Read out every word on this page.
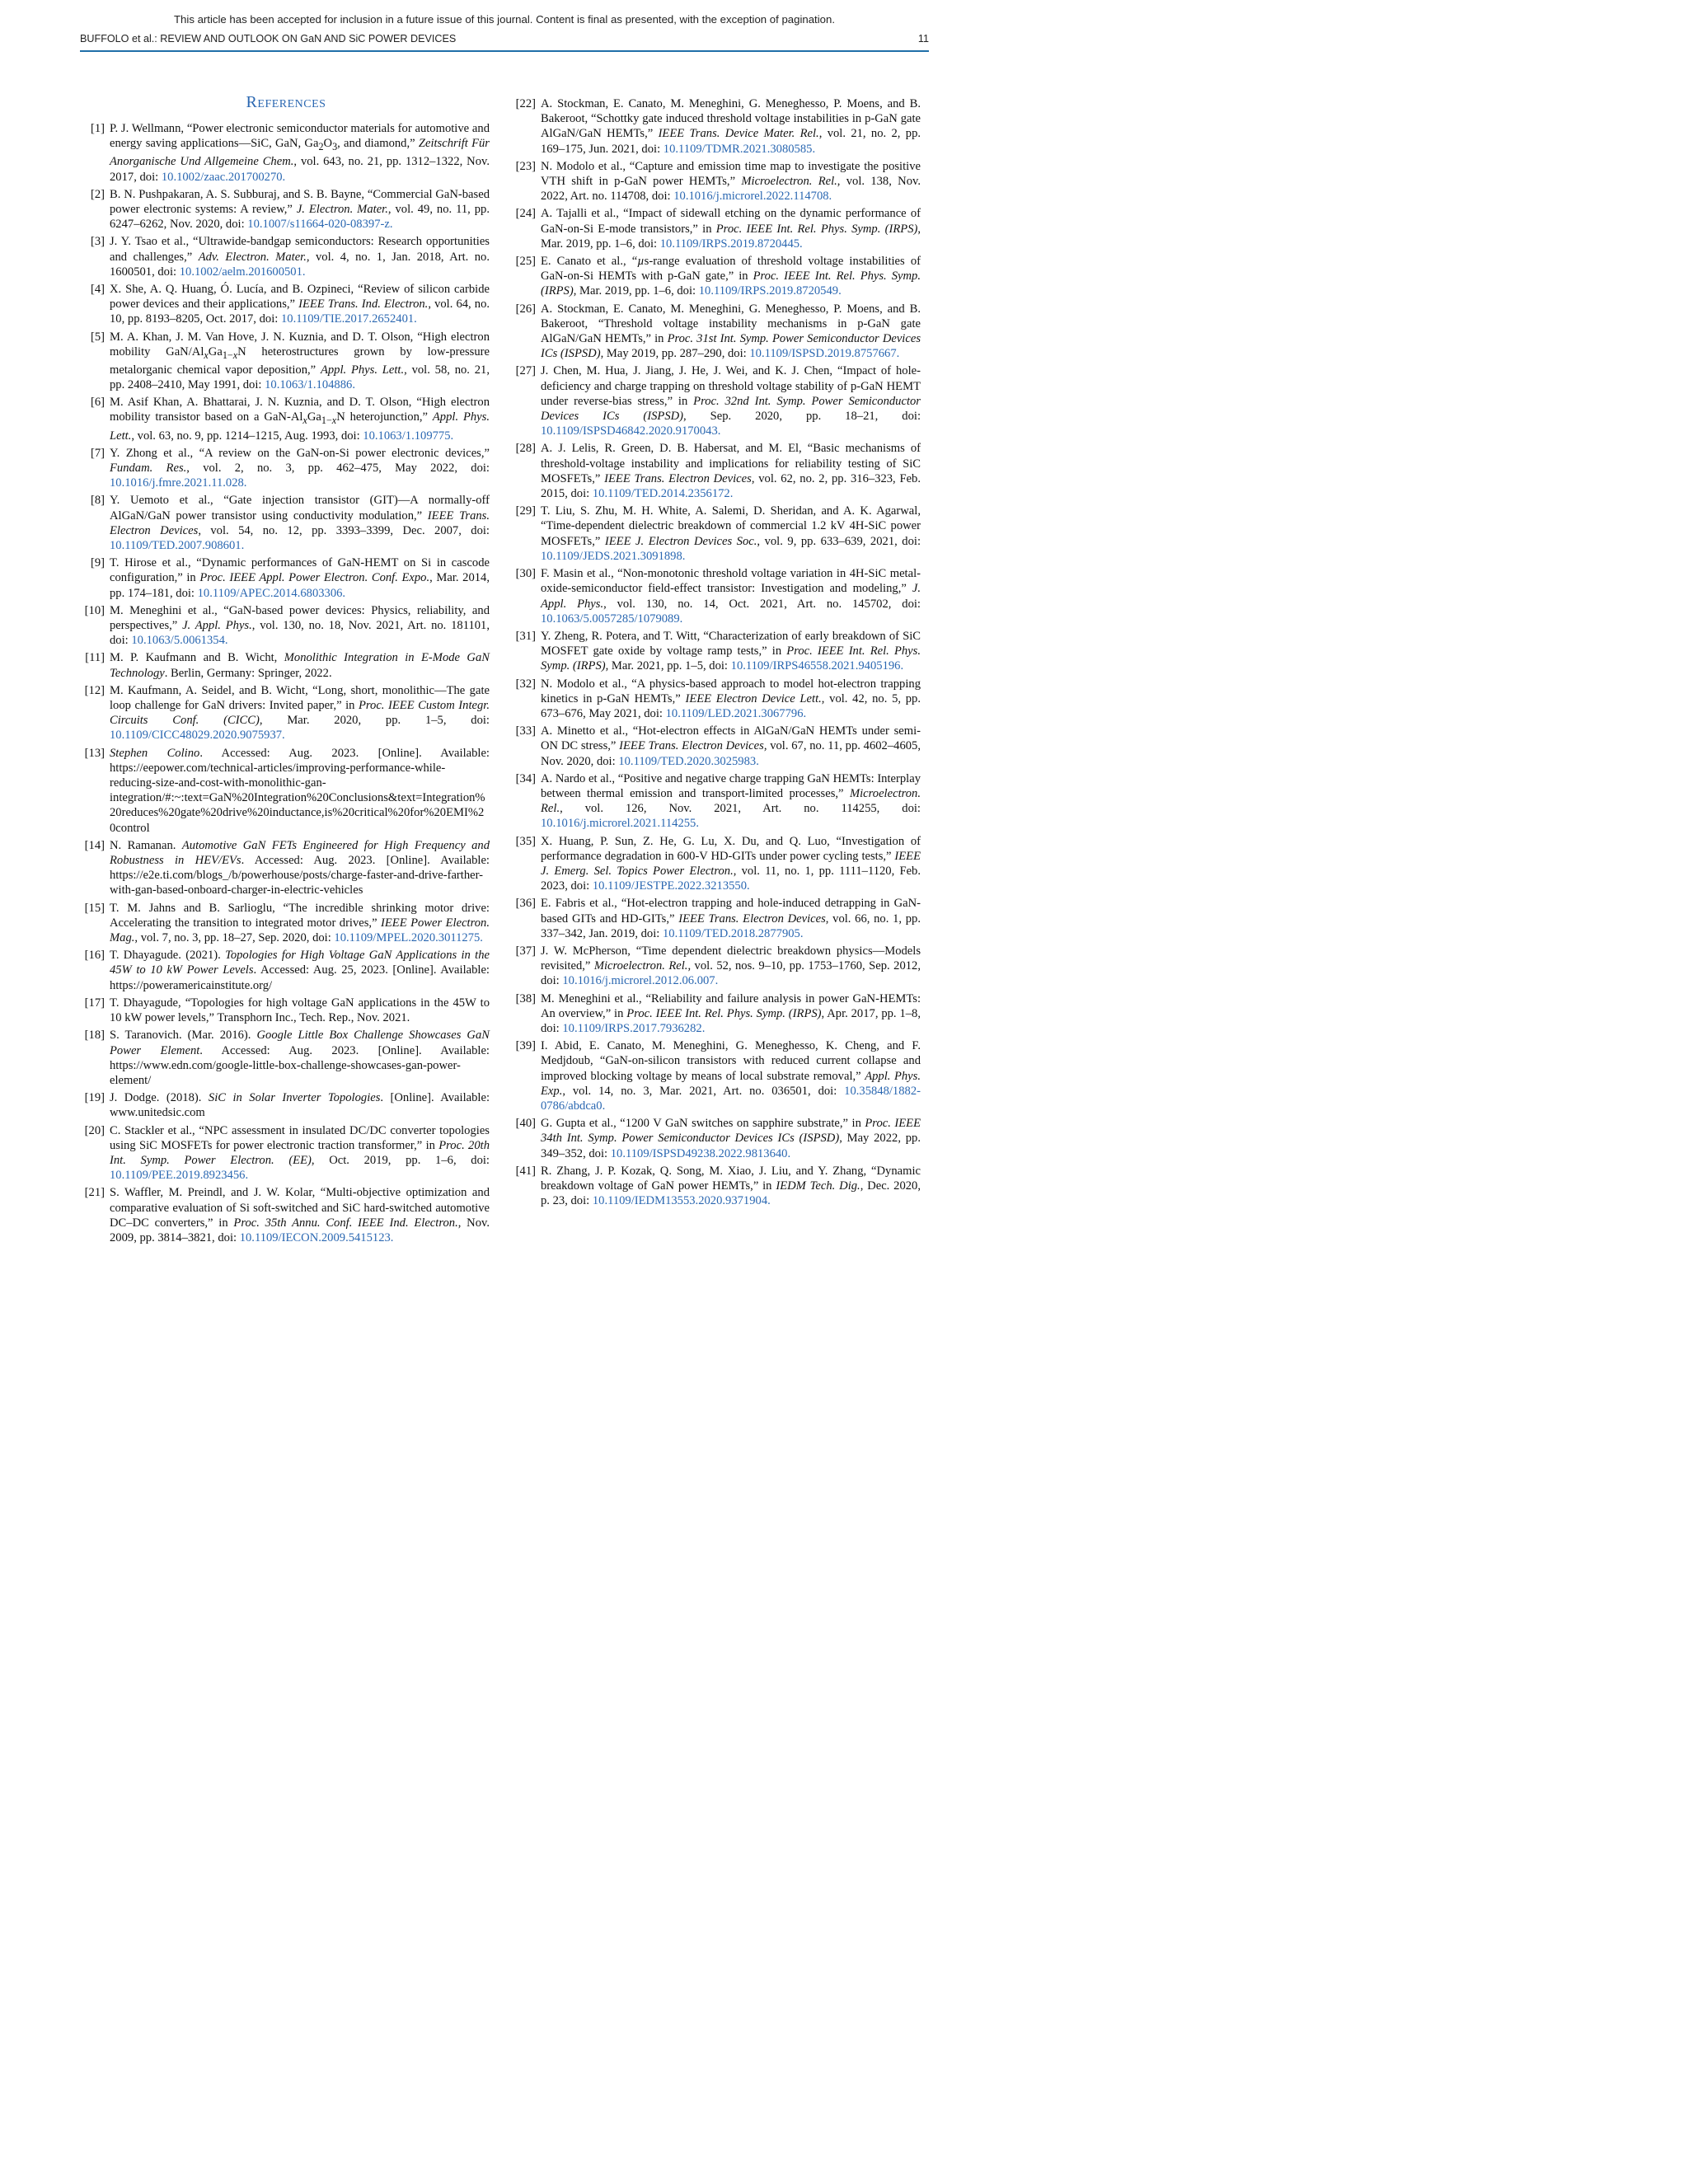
This article has been accepted for inclusion in a future issue of this journal. Content is final as presented, with the exception of pagination.
BUFFOLO et al.: REVIEW AND OUTLOOK ON GaN AND SiC POWER DEVICES	11
References
[1] P. J. Wellmann, “Power electronic semiconductor materials for automotive and energy saving applications—SiC, GaN, $Ga_2O_3$, and diamond,” Zeitschrift Für Anorganische Und Allgemeine Chem., vol. 643, no. 21, pp. 1312–1322, Nov. 2017, doi: 10.1002/zaac.201700270.
[2] B. N. Pushpakaran, A. S. Subburaj, and S. B. Bayne, “Commercial GaN-based power electronic systems: A review,” J. Electron. Mater., vol. 49, no. 11, pp. 6247–6262, Nov. 2020, doi: 10.1007/s11664-020-08397-z.
[3] J. Y. Tsao et al., “Ultrawide-bandgap semiconductors: Research opportunities and challenges,” Adv. Electron. Mater., vol. 4, no. 1, Jan. 2018, Art. no. 1600501, doi: 10.1002/aelm.201600501.
[4] X. She, A. Q. Huang, Ó. Lucía, and B. Ozpineci, “Review of silicon carbide power devices and their applications,” IEEE Trans. Ind. Electron., vol. 64, no. 10, pp. 8193–8205, Oct. 2017, doi: 10.1109/TIE.2017.2652401.
[5] M. A. Khan, J. M. Van Hove, J. N. Kuznia, and D. T. Olson, “High electron mobility GaN/$Al_xGa_{1-x}N$ heterostructures grown by low-pressure metalorganic chemical vapor deposition,” Appl. Phys. Lett., vol. 58, no. 21, pp. 2408–2410, May 1991, doi: 10.1063/1.104886.
[6] M. Asif Khan, A. Bhattarai, J. N. Kuznia, and D. T. Olson, “High electron mobility transistor based on a GaN-$Al_xGa_{1-x}N$ heterojunction,” Appl. Phys. Lett., vol. 63, no. 9, pp. 1214–1215, Aug. 1993, doi: 10.1063/1.109775.
[7] Y. Zhong et al., “A review on the GaN-on-Si power electronic devices,” Fundam. Res., vol. 2, no. 3, pp. 462–475, May 2022, doi: 10.1016/j.fmre.2021.11.028.
[8] Y. Uemoto et al., “Gate injection transistor (GIT)—A normally-off AlGaN/GaN power transistor using conductivity modulation,” IEEE Trans. Electron Devices, vol. 54, no. 12, pp. 3393–3399, Dec. 2007, doi: 10.1109/TED.2007.908601.
[9] T. Hirose et al., “Dynamic performances of GaN-HEMT on Si in cascode configuration,” in Proc. IEEE Appl. Power Electron. Conf. Expo., Mar. 2014, pp. 174–181, doi: 10.1109/APEC.2014.6803306.
[10] M. Meneghini et al., “GaN-based power devices: Physics, reliability, and perspectives,” J. Appl. Phys., vol. 130, no. 18, Nov. 2021, Art. no. 181101, doi: 10.1063/5.0061354.
[11] M. P. Kaufmann and B. Wicht, Monolithic Integration in E-Mode GaN Technology. Berlin, Germany: Springer, 2022.
[12] M. Kaufmann, A. Seidel, and B. Wicht, “Long, short, monolithic—The gate loop challenge for GaN drivers: Invited paper,” in Proc. IEEE Custom Integr. Circuits Conf. (CICC), Mar. 2020, pp. 1–5, doi: 10.1109/CICC48029.2020.9075937.
[13] Stephen Colino. Accessed: Aug. 2023. [Online]. Available: https://eepower.com/technical-articles/improving-performance-while-reducing-size-and-cost-with-monolithic-gan-integration/#:~:text=GaN%20Integration%20Conclusions&text=Integration%20reduces%20gate%20drive%20inductance,is%20critical%20for%20EMI%20control
[14] N. Ramanan. Automotive GaN FETs Engineered for High Frequency and Robustness in HEV/EVs. Accessed: Aug. 2023. [Online]. Available: https://e2e.ti.com/blogs_/b/powerhouse/posts/charge-faster-and-drive-farther-with-gan-based-onboard-charger-in-electric-vehicles
[15] T. M. Jahns and B. Sarlioglu, “The incredible shrinking motor drive: Accelerating the transition to integrated motor drives,” IEEE Power Electron. Mag., vol. 7, no. 3, pp. 18–27, Sep. 2020, doi: 10.1109/MPEL.2020.3011275.
[16] T. Dhayagude. (2021). Topologies for High Voltage GaN Applications in the 45W to 10 kW Power Levels. Accessed: Aug. 25, 2023. [Online]. Available: https://poweramericainstitute.org/
[17] T. Dhayagude, “Topologies for high voltage GaN applications in the 45W to 10 kW power levels,” Transphorn Inc., Tech. Rep., Nov. 2021.
[18] S. Taranovich. (Mar. 2016). Google Little Box Challenge Showcases GaN Power Element. Accessed: Aug. 2023. [Online]. Available: https://www.edn.com/google-little-box-challenge-showcases-gan-power-element/
[19] J. Dodge. (2018). SiC in Solar Inverter Topologies. [Online]. Available: www.unitedsic.com
[20] C. Stackler et al., “NPC assessment in insulated DC/DC converter topologies using SiC MOSFETs for power electronic traction transformer,” in Proc. 20th Int. Symp. Power Electron. (EE), Oct. 2019, pp. 1–6, doi: 10.1109/PEE.2019.8923456.
[21] S. Waffler, M. Preindl, and J. W. Kolar, “Multi-objective optimization and comparative evaluation of Si soft-switched and SiC hard-switched automotive DC–DC converters,” in Proc. 35th Annu. Conf. IEEE Ind. Electron., Nov. 2009, pp. 3814–3821, doi: 10.1109/IECON.2009.5415123.
[22] A. Stockman, E. Canato, M. Meneghini, G. Meneghesso, P. Moens, and B. Bakeroot, “Schottky gate induced threshold voltage instabilities in p-GaN gate AlGaN/GaN HEMTs,” IEEE Trans. Device Mater. Rel., vol. 21, no. 2, pp. 169–175, Jun. 2021, doi: 10.1109/TDMR.2021.3080585.
[23] N. Modolo et al., “Capture and emission time map to investigate the positive VTH shift in p-GaN power HEMTs,” Microelectron. Rel., vol. 138, Nov. 2022, Art. no. 114708, doi: 10.1016/j.microrel.2022.114708.
[24] A. Tajalli et al., “Impact of sidewall etching on the dynamic performance of GaN-on-Si E-mode transistors,” in Proc. IEEE Int. Rel. Phys. Symp. (IRPS), Mar. 2019, pp. 1–6, doi: 10.1109/IRPS.2019.8720445.
[25] E. Canato et al., “µs-range evaluation of threshold voltage instabilities of GaN-on-Si HEMTs with p-GaN gate,” in Proc. IEEE Int. Rel. Phys. Symp. (IRPS), Mar. 2019, pp. 1–6, doi: 10.1109/IRPS.2019.8720549.
[26] A. Stockman, E. Canato, M. Meneghini, G. Meneghesso, P. Moens, and B. Bakeroot, “Threshold voltage instability mechanisms in p-GaN gate AlGaN/GaN HEMTs,” in Proc. 31st Int. Symp. Power Semiconductor Devices ICs (ISPSD), May 2019, pp. 287–290, doi: 10.1109/ISPSD.2019.8757667.
[27] J. Chen, M. Hua, J. Jiang, J. He, J. Wei, and K. J. Chen, “Impact of hole-deficiency and charge trapping on threshold voltage stability of p-GaN HEMT under reverse-bias stress,” in Proc. 32nd Int. Symp. Power Semiconductor Devices ICs (ISPSD), Sep. 2020, pp. 18–21, doi: 10.1109/ISPSD46842.2020.9170043.
[28] A. J. Lelis, R. Green, D. B. Habersat, and M. El, “Basic mechanisms of threshold-voltage instability and implications for reliability testing of SiC MOSFETs,” IEEE Trans. Electron Devices, vol. 62, no. 2, pp. 316–323, Feb. 2015, doi: 10.1109/TED.2014.2356172.
[29] T. Liu, S. Zhu, M. H. White, A. Salemi, D. Sheridan, and A. K. Agarwal, “Time-dependent dielectric breakdown of commercial 1.2 kV 4H-SiC power MOSFETs,” IEEE J. Electron Devices Soc., vol. 9, pp. 633–639, 2021, doi: 10.1109/JEDS.2021.3091898.
[30] F. Masin et al., “Non-monotonic threshold voltage variation in 4H-SiC metal-oxide-semiconductor field-effect transistor: Investigation and modeling,” J. Appl. Phys., vol. 130, no. 14, Oct. 2021, Art. no. 145702, doi: 10.1063/5.0057285/1079089.
[31] Y. Zheng, R. Potera, and T. Witt, “Characterization of early breakdown of SiC MOSFET gate oxide by voltage ramp tests,” in Proc. IEEE Int. Rel. Phys. Symp. (IRPS), Mar. 2021, pp. 1–5, doi: 10.1109/IRPS46558.2021.9405196.
[32] N. Modolo et al., “A physics-based approach to model hot-electron trapping kinetics in p-GaN HEMTs,” IEEE Electron Device Lett., vol. 42, no. 5, pp. 673–676, May 2021, doi: 10.1109/LED.2021.3067796.
[33] A. Minetto et al., “Hot-electron effects in AlGaN/GaN HEMTs under semi-ON DC stress,” IEEE Trans. Electron Devices, vol. 67, no. 11, pp. 4602–4605, Nov. 2020, doi: 10.1109/TED.2020.3025983.
[34] A. Nardo et al., “Positive and negative charge trapping GaN HEMTs: Interplay between thermal emission and transport-limited processes,” Microelectron. Rel., vol. 126, Nov. 2021, Art. no. 114255, doi: 10.1016/j.microrel.2021.114255.
[35] X. Huang, P. Sun, Z. He, G. Lu, X. Du, and Q. Luo, “Investigation of performance degradation in 600-V HD-GITs under power cycling tests,” IEEE J. Emerg. Sel. Topics Power Electron., vol. 11, no. 1, pp. 1111–1120, Feb. 2023, doi: 10.1109/JESTPE.2022.3213550.
[36] E. Fabris et al., “Hot-electron trapping and hole-induced detrapping in GaN-based GITs and HD-GITs,” IEEE Trans. Electron Devices, vol. 66, no. 1, pp. 337–342, Jan. 2019, doi: 10.1109/TED.2018.2877905.
[37] J. W. McPherson, “Time dependent dielectric breakdown physics—Models revisited,” Microelectron. Rel., vol. 52, nos. 9–10, pp. 1753–1760, Sep. 2012, doi: 10.1016/j.microrel.2012.06.007.
[38] M. Meneghini et al., “Reliability and failure analysis in power GaN-HEMTs: An overview,” in Proc. IEEE Int. Rel. Phys. Symp. (IRPS), Apr. 2017, pp. 1–8, doi: 10.1109/IRPS.2017.7936282.
[39] I. Abid, E. Canato, M. Meneghini, G. Meneghesso, K. Cheng, and F. Medjdoub, “GaN-on-silicon transistors with reduced current collapse and improved blocking voltage by means of local substrate removal,” Appl. Phys. Exp., vol. 14, no. 3, Mar. 2021, Art. no. 036501, doi: 10.35848/1882-0786/abdca0.
[40] G. Gupta et al., “1200 V GaN switches on sapphire substrate,” in Proc. IEEE 34th Int. Symp. Power Semiconductor Devices ICs (ISPSD), May 2022, pp. 349–352, doi: 10.1109/ISPSD49238.2022.9813640.
[41] R. Zhang, J. P. Kozak, Q. Song, M. Xiao, J. Liu, and Y. Zhang, “Dynamic breakdown voltage of GaN power HEMTs,” in IEDM Tech. Dig., Dec. 2020, p. 23, doi: 10.1109/IEDM13553.2020.9371904.
